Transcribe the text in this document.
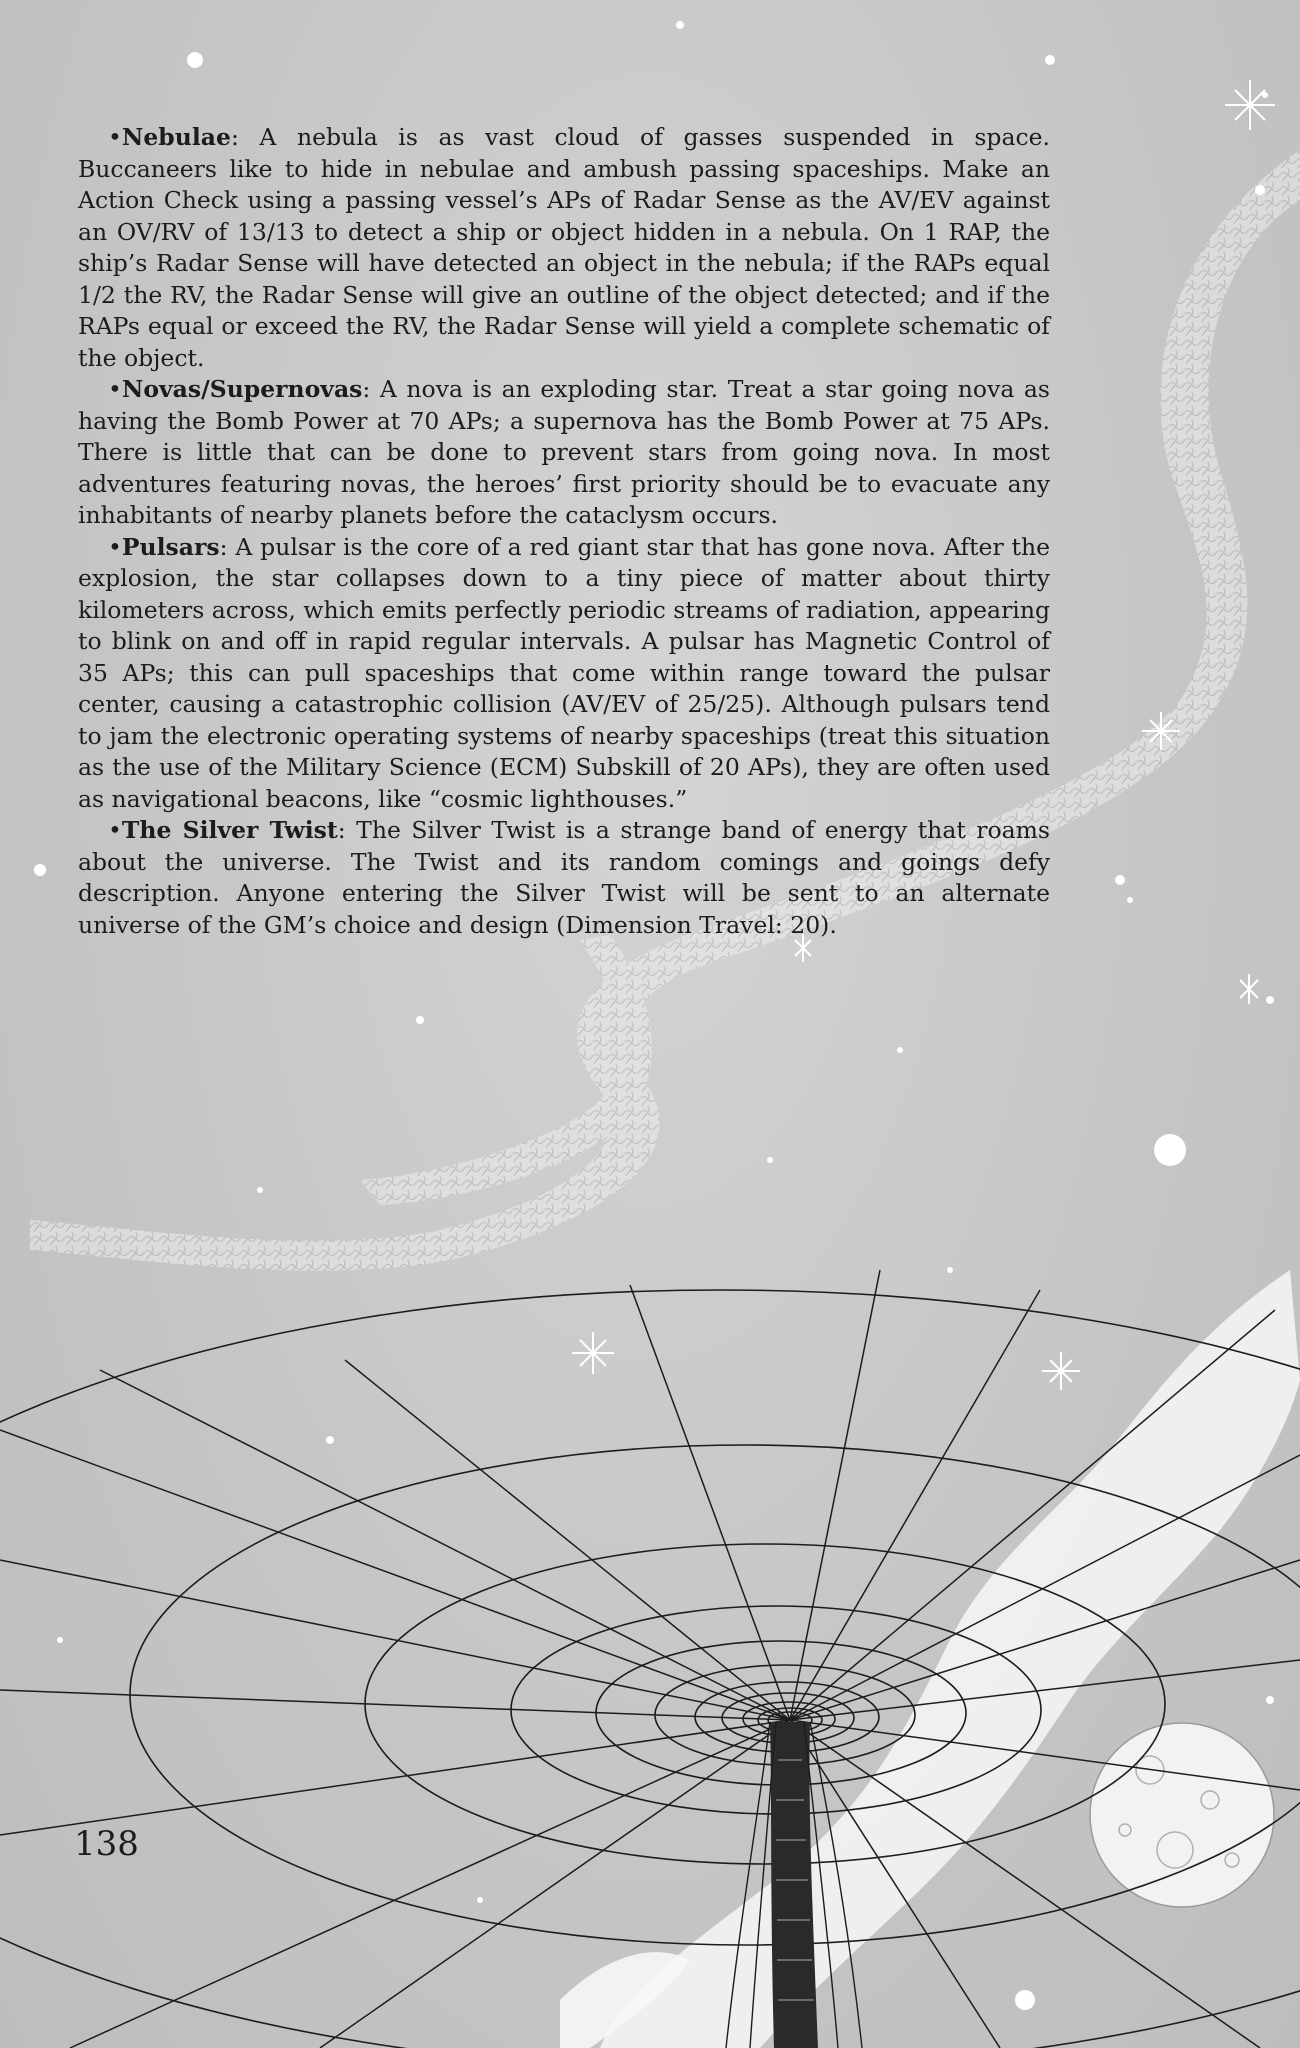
•Nebulae: A nebula is as vast cloud of gasses suspended in space. Buccaneers like to hide in nebulae and ambush passing spaceships. Make an Action Check using a passing vessel’s APs of Radar Sense as the AV/EV against an OV/RV of 13/13 to detect a ship or object hidden in a nebula. On 1 RAP, the ship’s Radar Sense will have detected an object in the nebula; if the RAPs equal 1/2 the RV, the Radar Sense will give an outline of the object detected; and if the RAPs equal or exceed the RV, the Radar Sense will yield a complete schematic of the object.

•Novas/Supernovas: A nova is an exploding star. Treat a star going nova as having the Bomb Power at 70 APs; a supernova has the Bomb Power at 75 APs. There is little that can be done to prevent stars from going nova. In most adventures featuring novas, the heroes’ first priority should be to evacuate any inhabitants of nearby planets before the cataclysm occurs.

•Pulsars: A pulsar is the core of a red giant star that has gone nova. After the explosion, the star collapses down to a tiny piece of matter about thirty kilometers across, which emits perfectly periodic streams of radiation, appearing to blink on and off in rapid regular intervals. A pulsar has Magnetic Control of 35 APs; this can pull spaceships that come within range toward the pulsar center, causing a catastrophic collision (AV/EV of 25/25). Although pulsars tend to jam the electronic operating systems of nearby spaceships (treat this situation as the use of the Military Science (ECM) Subskill of 20 APs), they are often used as navigational beacons, like “cosmic lighthouses.”

•The Silver Twist: The Silver Twist is a strange band of energy that roams about the universe. The Twist and its random comings and goings defy description. Anyone entering the Silver Twist will be sent to an alternate universe of the GM’s choice and design (Dimension Travel: 20).

138
